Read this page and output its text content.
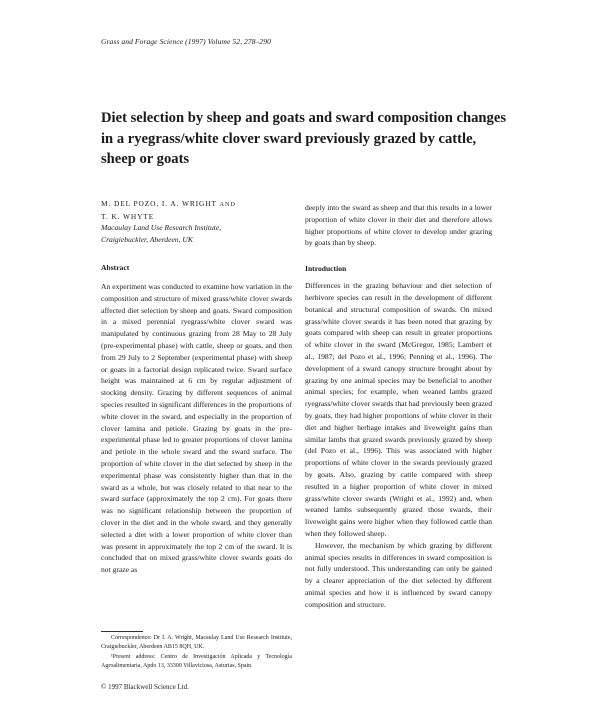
Grass and Forage Science (1997) Volume 52, 278–290
Diet selection by sheep and goats and sward composition changes in a ryegrass/white clover sward previously grazed by cattle, sheep or goats
M. DEL POZO, I. A. WRIGHT AND
T. K. WHYTE
Macaulay Land Use Research Institute,
Craigiebuckler, Aberdeen, UK
Abstract

An experiment was conducted to examine how variation in the composition and structure of mixed grass/white clover swards affected diet selection by sheep and goats. Sward composition in a mixed perennial ryegrass/white clover sward was manipulated by continuous grazing from 28 May to 28 July (pre-experimental phase) with cattle, sheep or goats, and then from 29 July to 2 September (experimental phase) with sheep or goats in a factorial design replicated twice. Sward surface height was maintained at 6 cm by regular adjustment of stocking density. Grazing by different sequences of animal species resulted in significant differences in the proportions of white clover in the sward, and especially in the proportion of clover lamina and petiole. Grazing by goats in the pre-experimental phase led to greater proportions of clover lamina and petiole in the whole sward and the sward surface. The proportion of white clover in the diet selected by sheep in the experimental phase was consistently higher than that in the sward as a whole, but was closely related to that near to the sward surface (approximately the top 2 cm). For goats there was no significant relationship between the proportion of clover in the diet and in the whole sward, and they generally selected a diet with a lower proportion of white clover than was present in approximately the top 2 cm of the sward. It is concluded that on mixed grass/white clover swards goats do not graze as

deeply into the sward as sheep and that this results in a lower proportion of white clover in their diet and therefore allows higher proportions of white clover to develop under grazing by goats than by sheep.

Introduction

Differences in the grazing behaviour and diet selection of herbivore species can result in the development of different botanical and structural composition of swards. On mixed grass/white clover swards it has been noted that grazing by goats compared with sheep can result in greater proportions of white clover in the sward (McGregor, 1985; Lambert et al., 1987; del Pozo et al., 1996; Penning et al., 1996). The development of a sward canopy structure brought about by grazing by one animal species may be beneficial to another animal species; for example, when weaned lambs grazed ryegrass/white clover swards that had previously been grazed by goats, they had higher proportions of white clover in their diet and higher herbage intakes and liveweight gains than similar lambs that grazed swards previously grazed by sheep (del Pozo et al., 1996). This was associated with higher proportions of white clover in the swards previously grazed by goats. Also, grazing by cattle compared with sheep resulted in a higher proportion of white clover in mixed grass/white clover swards (Wright et al., 1992) and, when weaned lambs subsequently grazed those swards, their liveweight gains were higher when they followed cattle than when they followed sheep.

However, the mechanism by which grazing by different animal species results in differences in sward composition is not fully understood. This understanding can only be gained by a clearer appreciation of the diet selected by different animal species and how it is influenced by sward canopy composition and structure.

Correspondence: Dr I. A. Wright, Macaulay Land Use Research Institute, Craigiebuckler, Aberdeen AB15 8QH, UK.

¹Present address: Centro de Investigación Aplicada y Tecnología Agroalimentaria, Apdo 13, 33300 Villaviciosa, Asturias, Spain.

© 1997 Blackwell Science Ltd.
